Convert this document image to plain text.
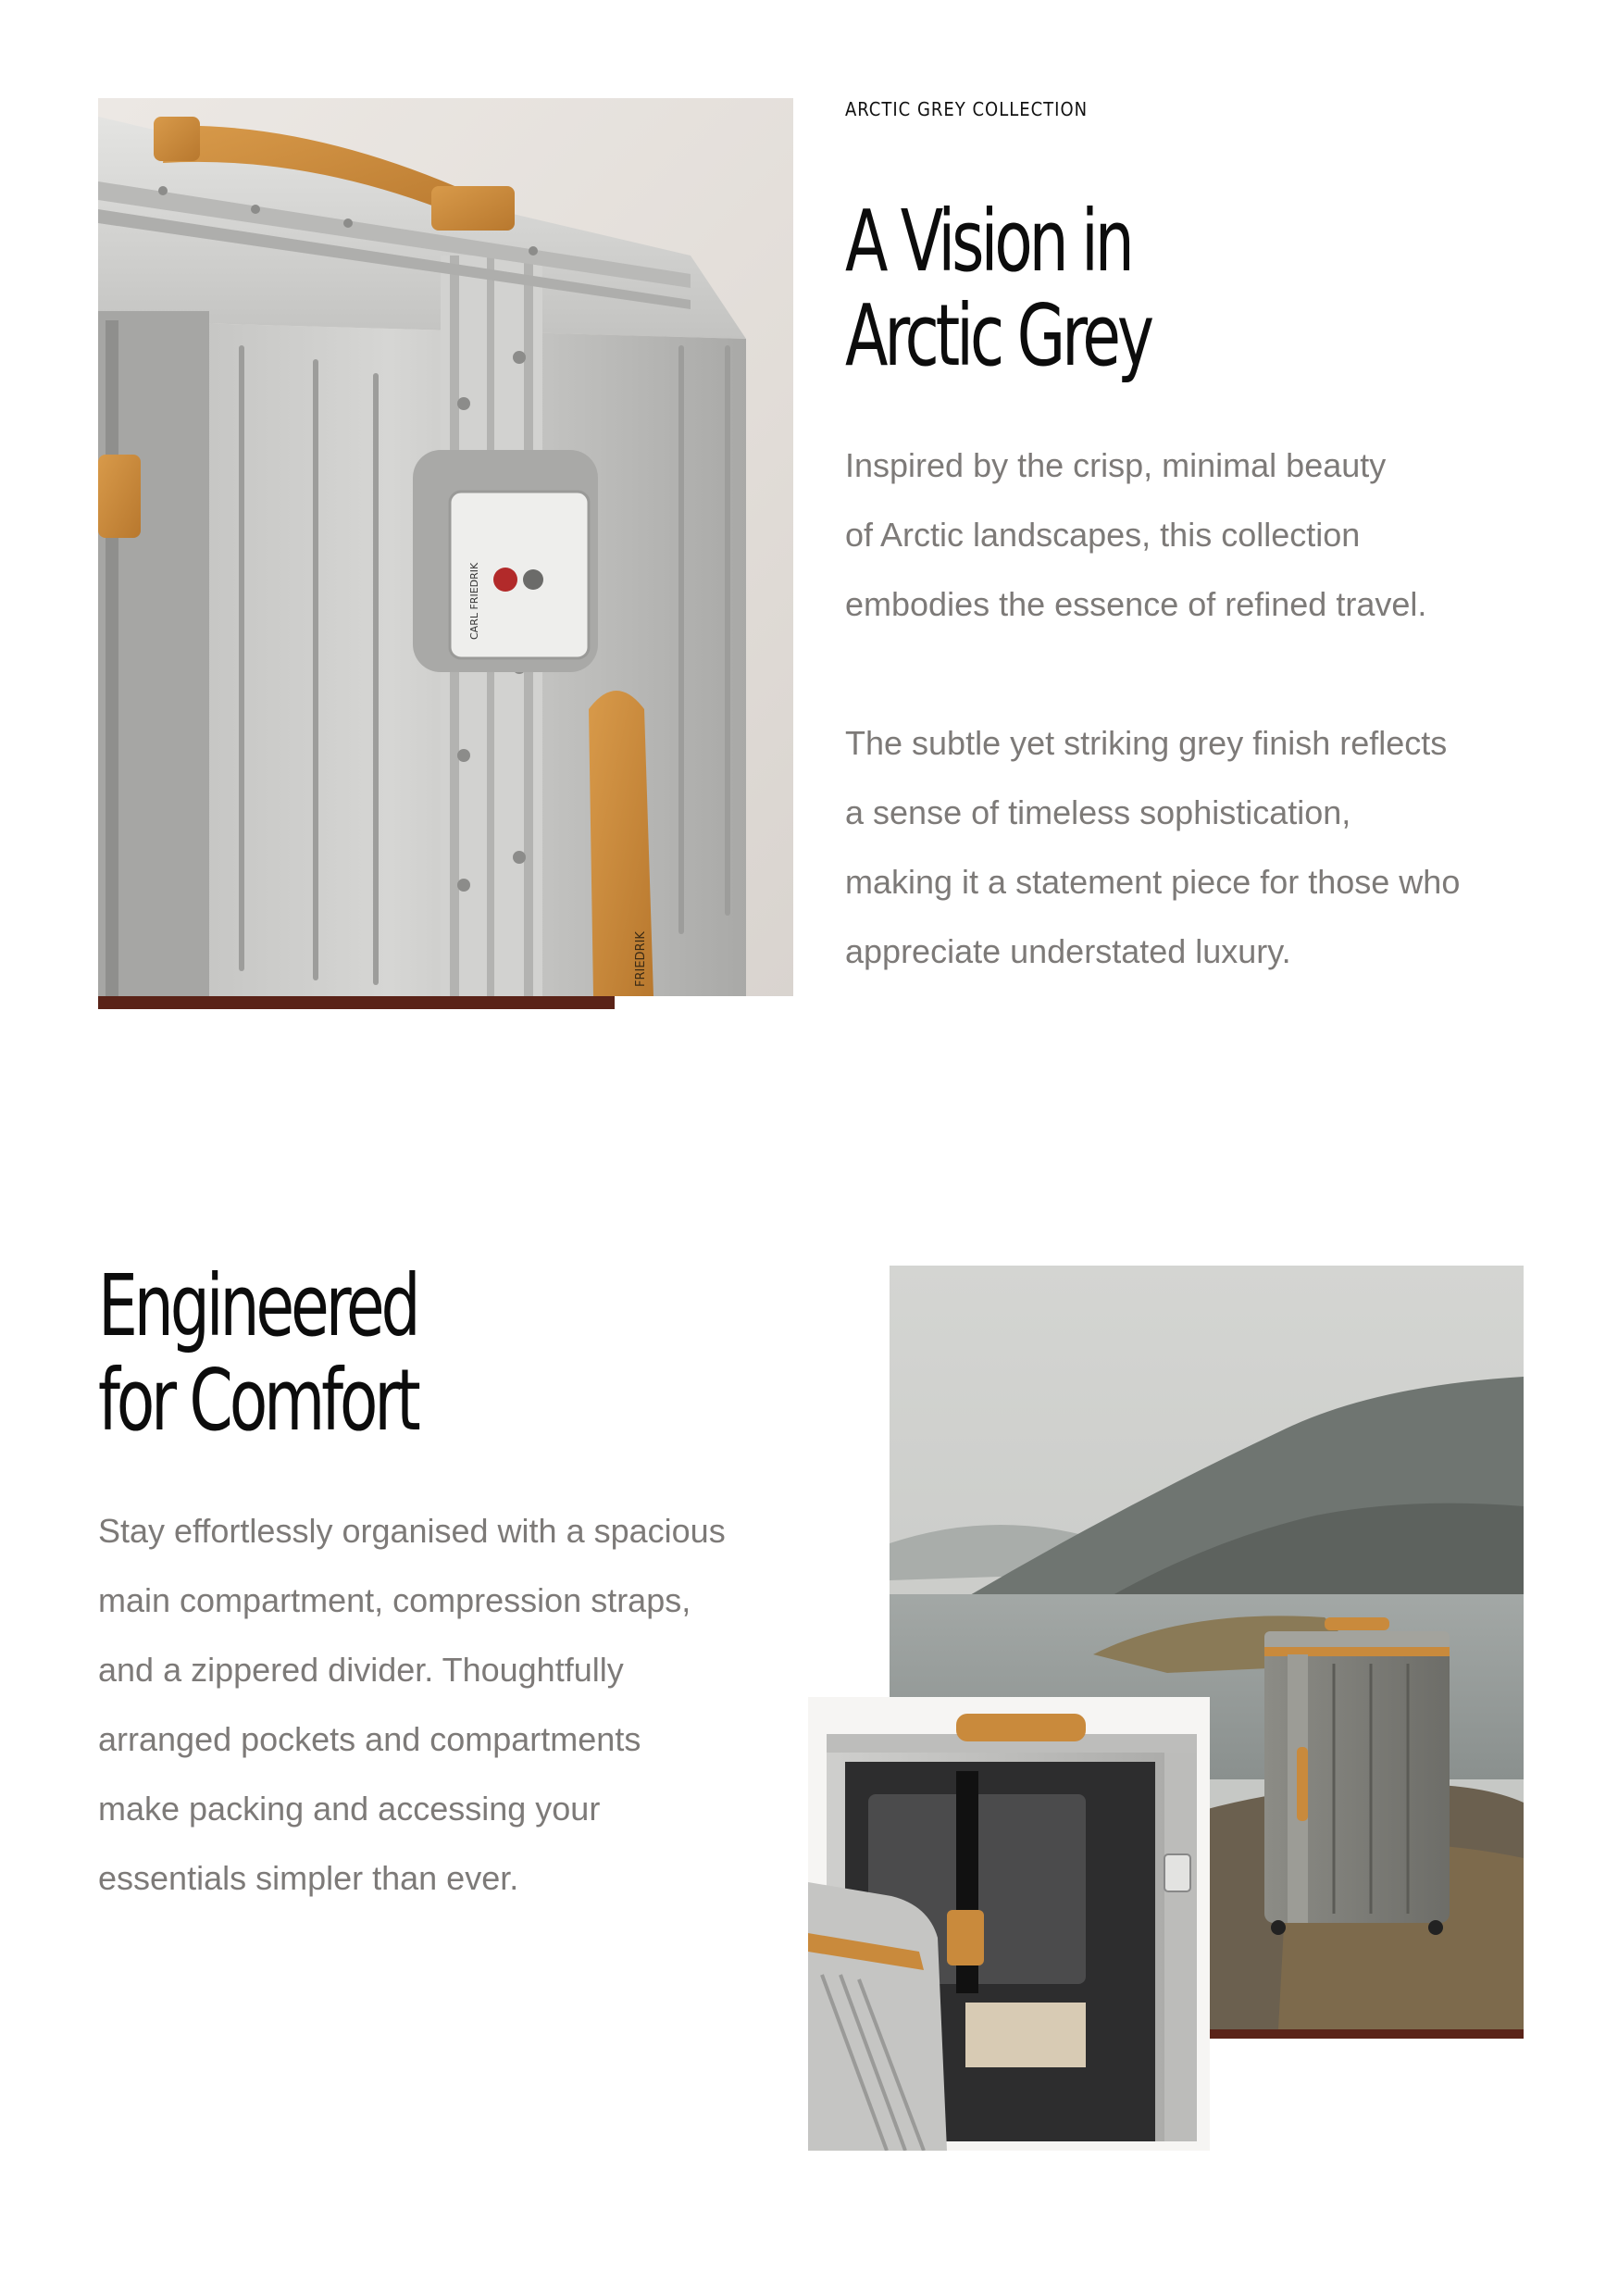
CARL FRIEDRIK
FRIEDRIK
ARCTIC GREY COLLECTION
A Vision in
Arctic Grey

Inspired by the crisp, minimal beauty
of Arctic landscapes, this collection
embodies the essence of refined travel.

The subtle yet striking grey finish reflects
a sense of timeless sophistication,
making it a statement piece for those who
appreciate understated luxury.

Engineered
for Comfort

Stay effortlessly organised with a spacious
main compartment, compression straps,
and a zippered divider. Thoughtfully
arranged pockets and compartments
make packing and accessing your
essentials simpler than ever.
